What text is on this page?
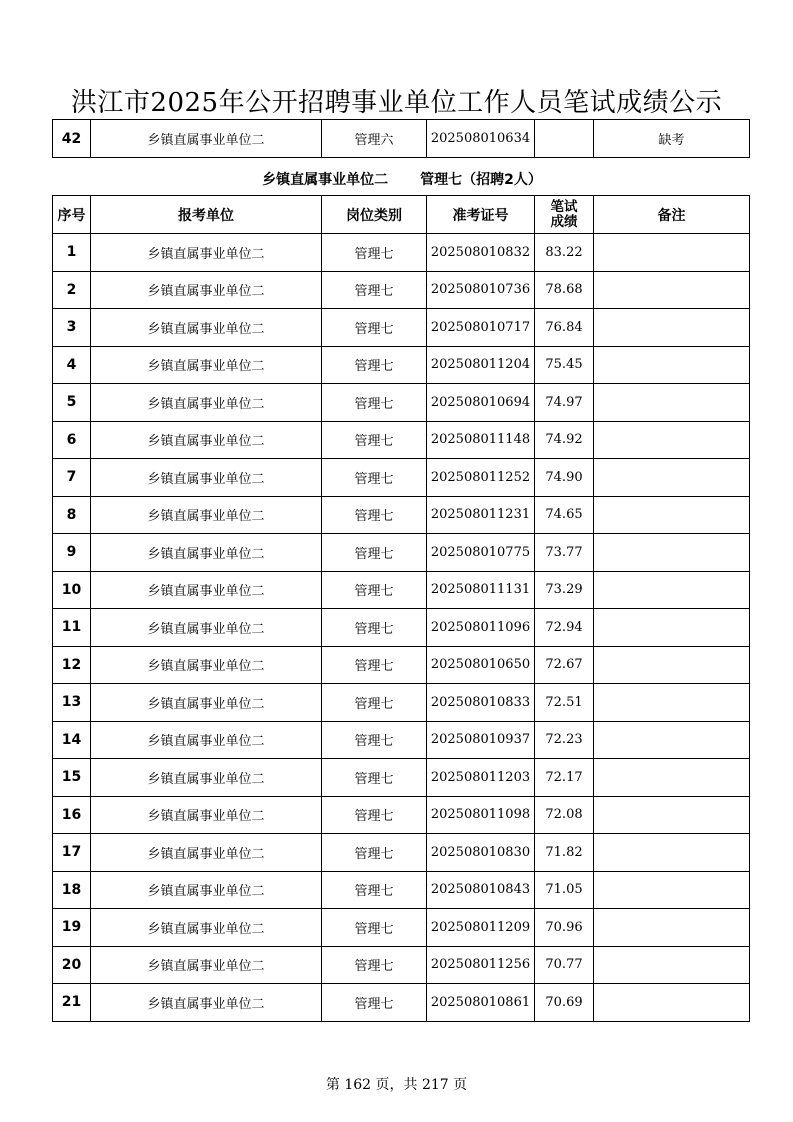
洪江市2025年公开招聘事业单位工作人员笔试成绩公示
42	乡镇直属事业单位二	管理六	202508010634		缺考
乡镇直属事业单位二 管理七（招聘2人）
序号	报考单位	岗位类别	准考证号	笔试
成绩	备注
1	乡镇直属事业单位二	管理七	202508010832	83.22	
2	乡镇直属事业单位二	管理七	202508010736	78.68	
3	乡镇直属事业单位二	管理七	202508010717	76.84	
4	乡镇直属事业单位二	管理七	202508011204	75.45	
5	乡镇直属事业单位二	管理七	202508010694	74.97	
6	乡镇直属事业单位二	管理七	202508011148	74.92	
7	乡镇直属事业单位二	管理七	202508011252	74.90	
8	乡镇直属事业单位二	管理七	202508011231	74.65	
9	乡镇直属事业单位二	管理七	202508010775	73.77	
10	乡镇直属事业单位二	管理七	202508011131	73.29	
11	乡镇直属事业单位二	管理七	202508011096	72.94	
12	乡镇直属事业单位二	管理七	202508010650	72.67	
13	乡镇直属事业单位二	管理七	202508010833	72.51	
14	乡镇直属事业单位二	管理七	202508010937	72.23	
15	乡镇直属事业单位二	管理七	202508011203	72.17	
16	乡镇直属事业单位二	管理七	202508011098	72.08	
17	乡镇直属事业单位二	管理七	202508010830	71.82	
18	乡镇直属事业单位二	管理七	202508010843	71.05	
19	乡镇直属事业单位二	管理七	202508011209	70.96	
20	乡镇直属事业单位二	管理七	202508011256	70.77	
21	乡镇直属事业单位二	管理七	202508010861	70.69	
第 162 页，共 217 页
